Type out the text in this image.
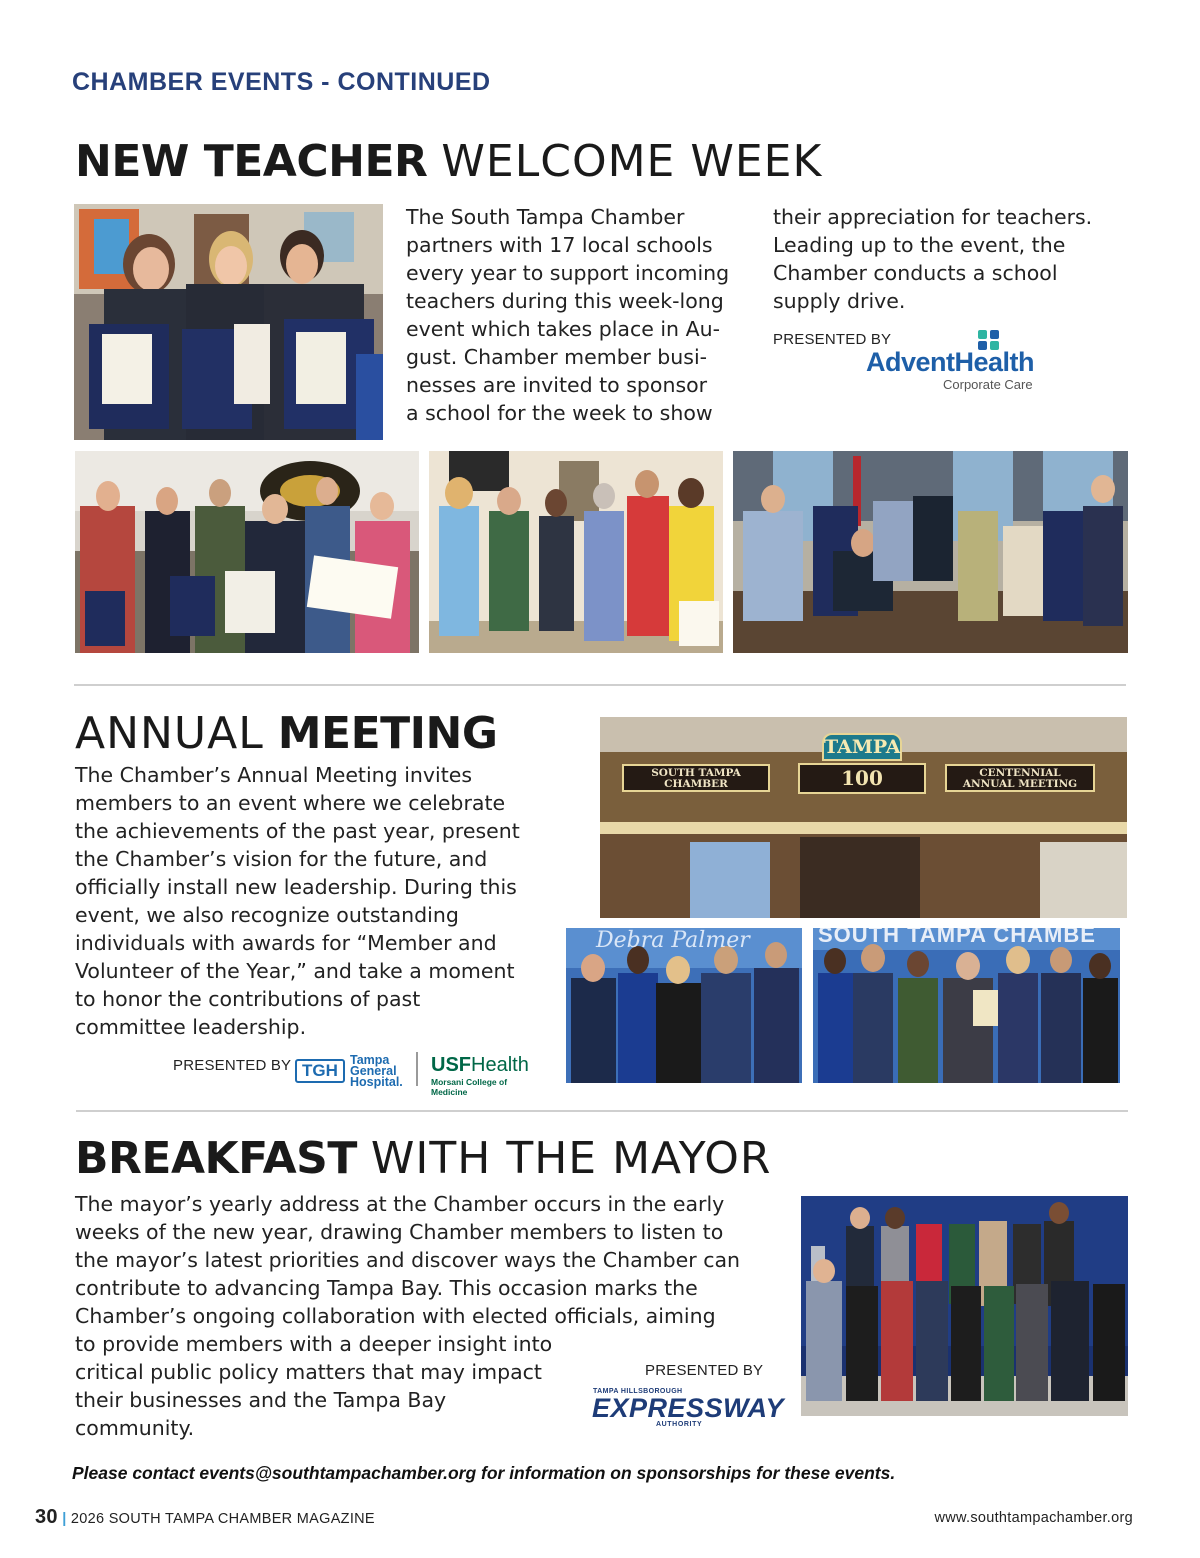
CHAMBER EVENTS - CONTINUED
NEW TEACHER WELCOME WEEK
The South Tampa Chamber
partners with 17 local schools
every year to support incoming
teachers during this week-long
event which takes place in Au-
gust. Chamber member busi-
nesses are invited to sponsor
a school for the week to show
their appreciation for teachers.
Leading up to the event, the
Chamber conducts a school
supply drive.
PRESENTED BY
AdventHealth
Corporate Care
ANNUAL MEETING
The Chamber’s Annual Meeting invites
members to an event where we celebrate
the achievements of the past year, present
the Chamber’s vision for the future, and
officially install new leadership. During this
event, we also recognize outstanding
individuals with awards for “Member and
Volunteer of the Year,” and take a moment
to honor the contributions of past
committee leadership.
PRESENTED BY TGH
Tampa
General
Hospital.
USFHealth
Morsani College of Medicine
TAMPA
SOUTH TAMPA
CHAMBER	100	CENTENNIAL
ANNUAL MEETING
Debra Palmer	SOUTH TAMPA CHAMBE
BREAKFAST WITH THE MAYOR
The mayor’s yearly address at the Chamber occurs in the early
weeks of the new year, drawing Chamber members to listen to
the mayor’s latest priorities and discover ways the Chamber can
contribute to advancing Tampa Bay. This occasion marks the
Chamber’s ongoing collaboration with elected officials, aiming
to provide members with a deeper insight into
critical public policy matters that may impact
their businesses and the Tampa Bay
community.
PRESENTED BY
TAMPA HILLSBOROUGH
EXPRESSWAY
AUTHORITY
Please contact events@southtampachamber.org for information on sponsorships for these events.
30 | 2026 SOUTH TAMPA CHAMBER MAGAZINE	www.southtampachamber.org
